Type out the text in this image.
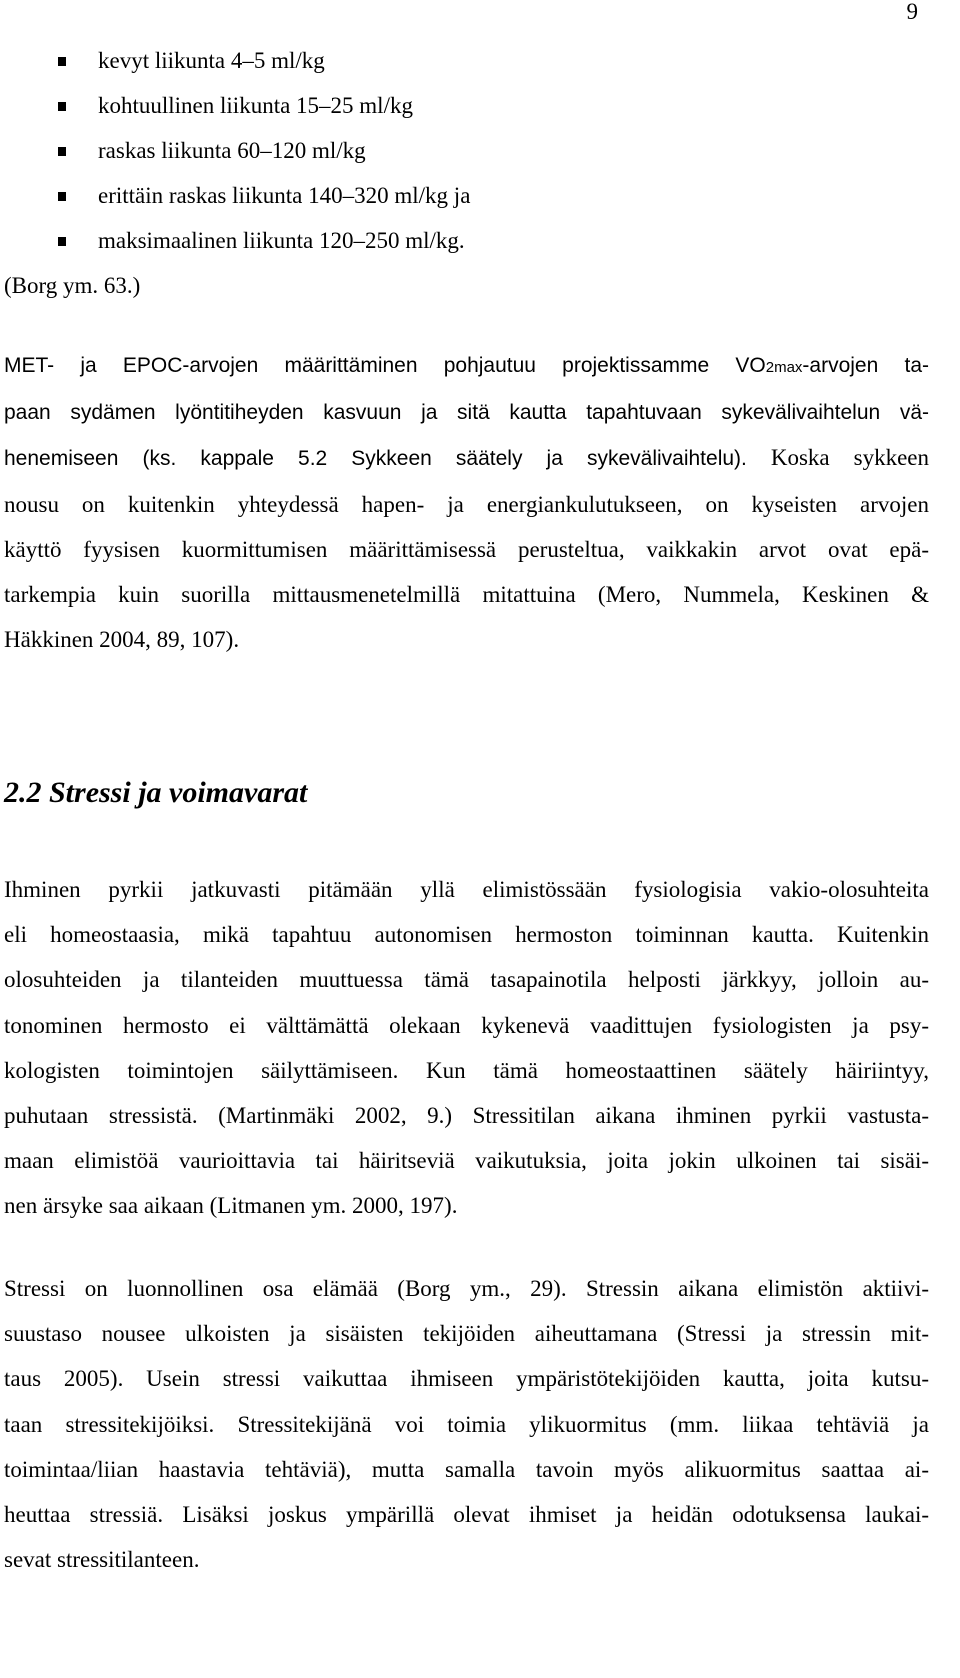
9
kevyt liikunta 4–5 ml/kg
kohtuullinen liikunta 15–25 ml/kg
raskas liikunta 60–120 ml/kg
erittäin raskas liikunta 140–320 ml/kg ja
maksimaalinen liikunta 120–250 ml/kg.
(Borg ym. 63.)

MET- ja EPOC-arvojen määrittäminen pohjautuu projektissamme VO2max-arvojen ta-
paan sydämen lyöntitiheyden kasvuun ja sitä kautta tapahtuvaan sykevälivaihtelun vä-
henemiseen (ks. kappale 5.2 Sykkeen säätely ja sykevälivaihtelu). Koska sykkeen
nousu on kuitenkin yhteydessä hapen- ja energiankulutukseen, on kyseisten arvojen
käyttö fyysisen kuormittumisen määrittämisessä perusteltua, vaikkakin arvot ovat epä-
tarkempia kuin suorilla mittausmenetelmillä mitattuina (Mero, Nummela, Keskinen &
Häkkinen 2004, 89, 107).

2.2 Stressi ja voimavarat

Ihminen pyrkii jatkuvasti pitämään yllä elimistössään fysiologisia vakio-olosuhteita
eli homeostaasia, mikä tapahtuu autonomisen hermoston toiminnan kautta. Kuitenkin
olosuhteiden ja tilanteiden muuttuessa tämä tasapainotila helposti järkkyy, jolloin au-
tonominen hermosto ei välttämättä olekaan kykenevä vaadittujen fysiologisten ja psy-
kologisten toimintojen säilyttämiseen. Kun tämä homeostaattinen säätely häiriintyy,
puhutaan stressistä. (Martinmäki 2002, 9.) Stressitilan aikana ihminen pyrkii vastusta-
maan elimistöä vaurioittavia tai häiritseviä vaikutuksia, joita jokin ulkoinen tai sisäi-
nen ärsyke saa aikaan (Litmanen ym. 2000, 197).

Stressi on luonnollinen osa elämää (Borg ym., 29). Stressin aikana elimistön aktiivi-
suustaso nousee ulkoisten ja sisäisten tekijöiden aiheuttamana (Stressi ja stressin mit-
taus 2005). Usein stressi vaikuttaa ihmiseen ympäristötekijöiden kautta, joita kutsu-
taan stressitekijöiksi. Stressitekijänä voi toimia ylikuormitus (mm. liikaa tehtäviä ja
toimintaa/liian haastavia tehtäviä), mutta samalla tavoin myös alikuormitus saattaa ai-
heuttaa stressiä. Lisäksi joskus ympärillä olevat ihmiset ja heidän odotuksensa laukai-
sevat stressitilanteen.
